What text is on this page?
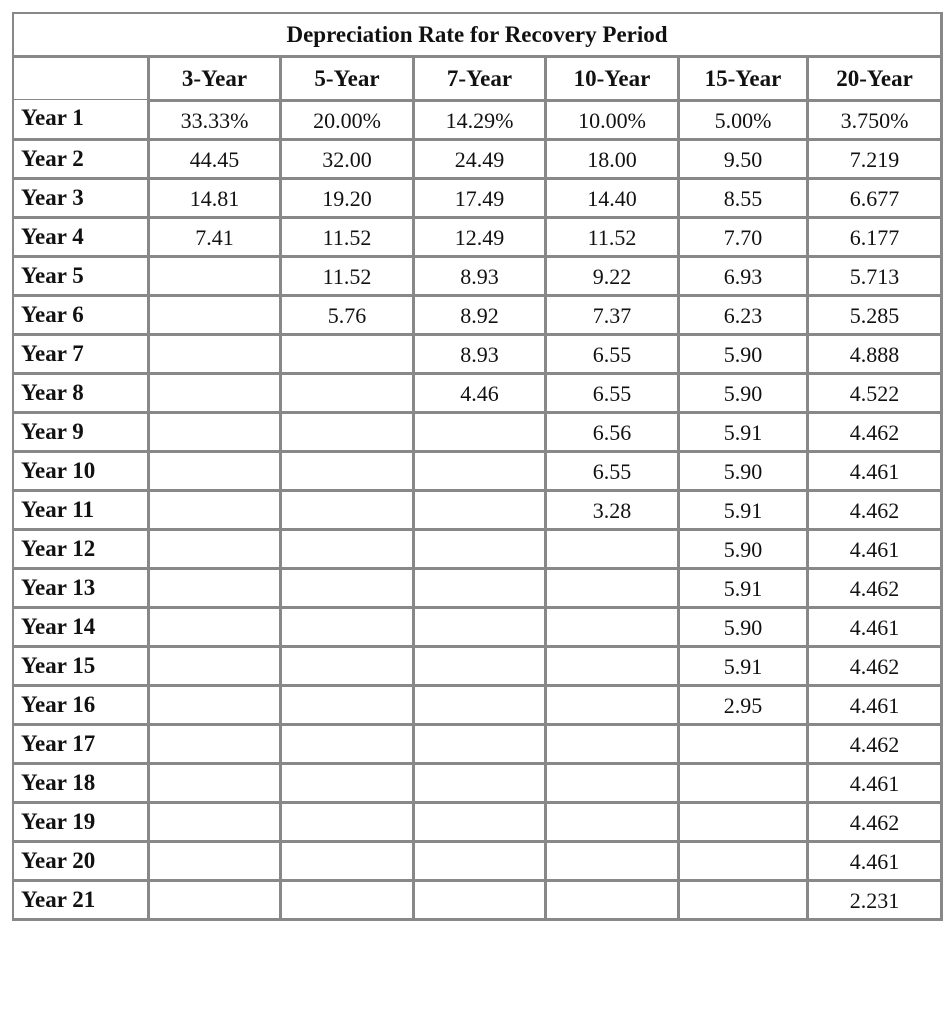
Depreciation Rate for Recovery Period						
	3-Year	5-Year	7-Year	10-Year	15-Year	20-Year
Year 1	33.33%	20.00%	14.29%	10.00%	5.00%	3.750%
Year 2	44.45	32.00	24.49	18.00	9.50	7.219
Year 3	14.81	19.20	17.49	14.40	8.55	6.677
Year 4	7.41	11.52	12.49	11.52	7.70	6.177
Year 5		11.52	8.93	9.22	6.93	5.713
Year 6		5.76	8.92	7.37	6.23	5.285
Year 7			8.93	6.55	5.90	4.888
Year 8			4.46	6.55	5.90	4.522
Year 9				6.56	5.91	4.462
Year 10				6.55	5.90	4.461
Year 11				3.28	5.91	4.462
Year 12					5.90	4.461
Year 13					5.91	4.462
Year 14					5.90	4.461
Year 15					5.91	4.462
Year 16					2.95	4.461
Year 17						4.462
Year 18						4.461
Year 19						4.462
Year 20						4.461
Year 21						2.231
